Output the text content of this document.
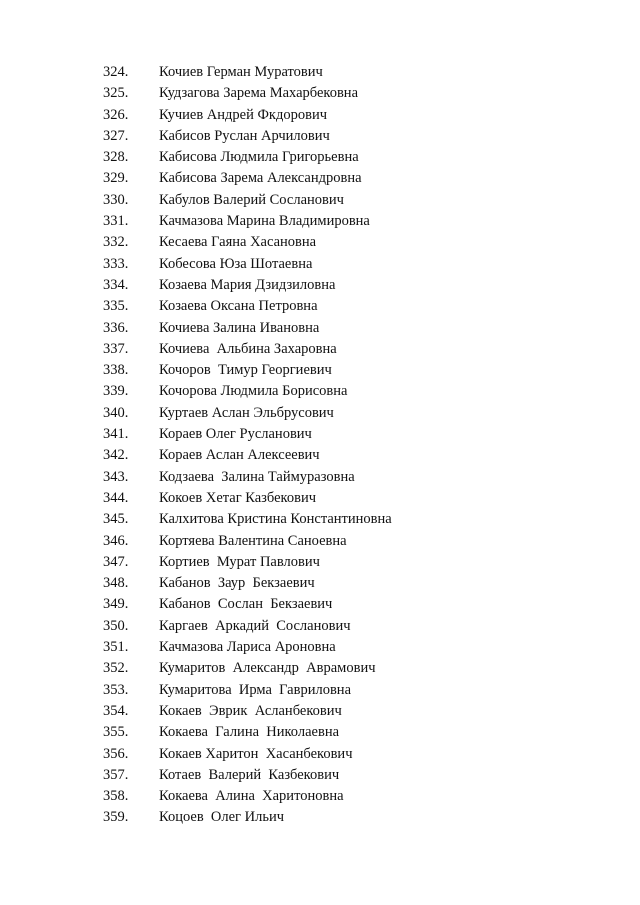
324.	Кочиев Герман Муратович
325.	Кудзагова Зарема Махарбековна
326.	Кучиев Андрей Фкдорович
327.	Кабисов Руслан Арчилович
328.	Кабисова Людмила Григорьевна
329.	Кабисова Зарема Александровна
330.	Кабулов Валерий Сосланович
331.	Качмазова Марина Владимировна
332.	Кесаева Гаяна Хасановна
333.	Кобесова Юза Шотаевна
334.	Козаева Мария Дзидзиловна
335.	Козаева Оксана Петровна
336.	Кочиева Залина Ивановна
337.	Кочиева  Альбина Захаровна
338.	Кочоров  Тимур Георгиевич
339.	Кочорова Людмила Борисовна
340.	Куртаев Аслан Эльбрусович
341.	Кораев Олег Русланович
342.	Кораев Аслан Алексеевич
343.	Кодзаева  Залина Таймуразовна
344.	Кокоев Хетаг Казбекович
345.	Калхитова Кристина Константиновна
346.	Кортяева Валентина Саноевна
347.	Кортиев  Мурат Павлович
348.	Кабанов  Заур  Бекзаевич
349.	Кабанов  Сослан  Бекзаевич
350.	Каргаев  Аркадий  Сосланович
351.	Качмазова Лариса Ароновна
352.	Кумаритов  Александр  Аврамович
353.	Кумаритова  Ирма  Гавриловна
354.	Кокаев  Эврик  Асланбекович
355.	Кокаева  Галина  Николаевна
356.	Кокаев Харитон  Хасанбекович
357.	Котаев  Валерий  Казбекович
358.	Кокаева  Алина  Харитоновна
359.	Коцоев  Олег Ильич
